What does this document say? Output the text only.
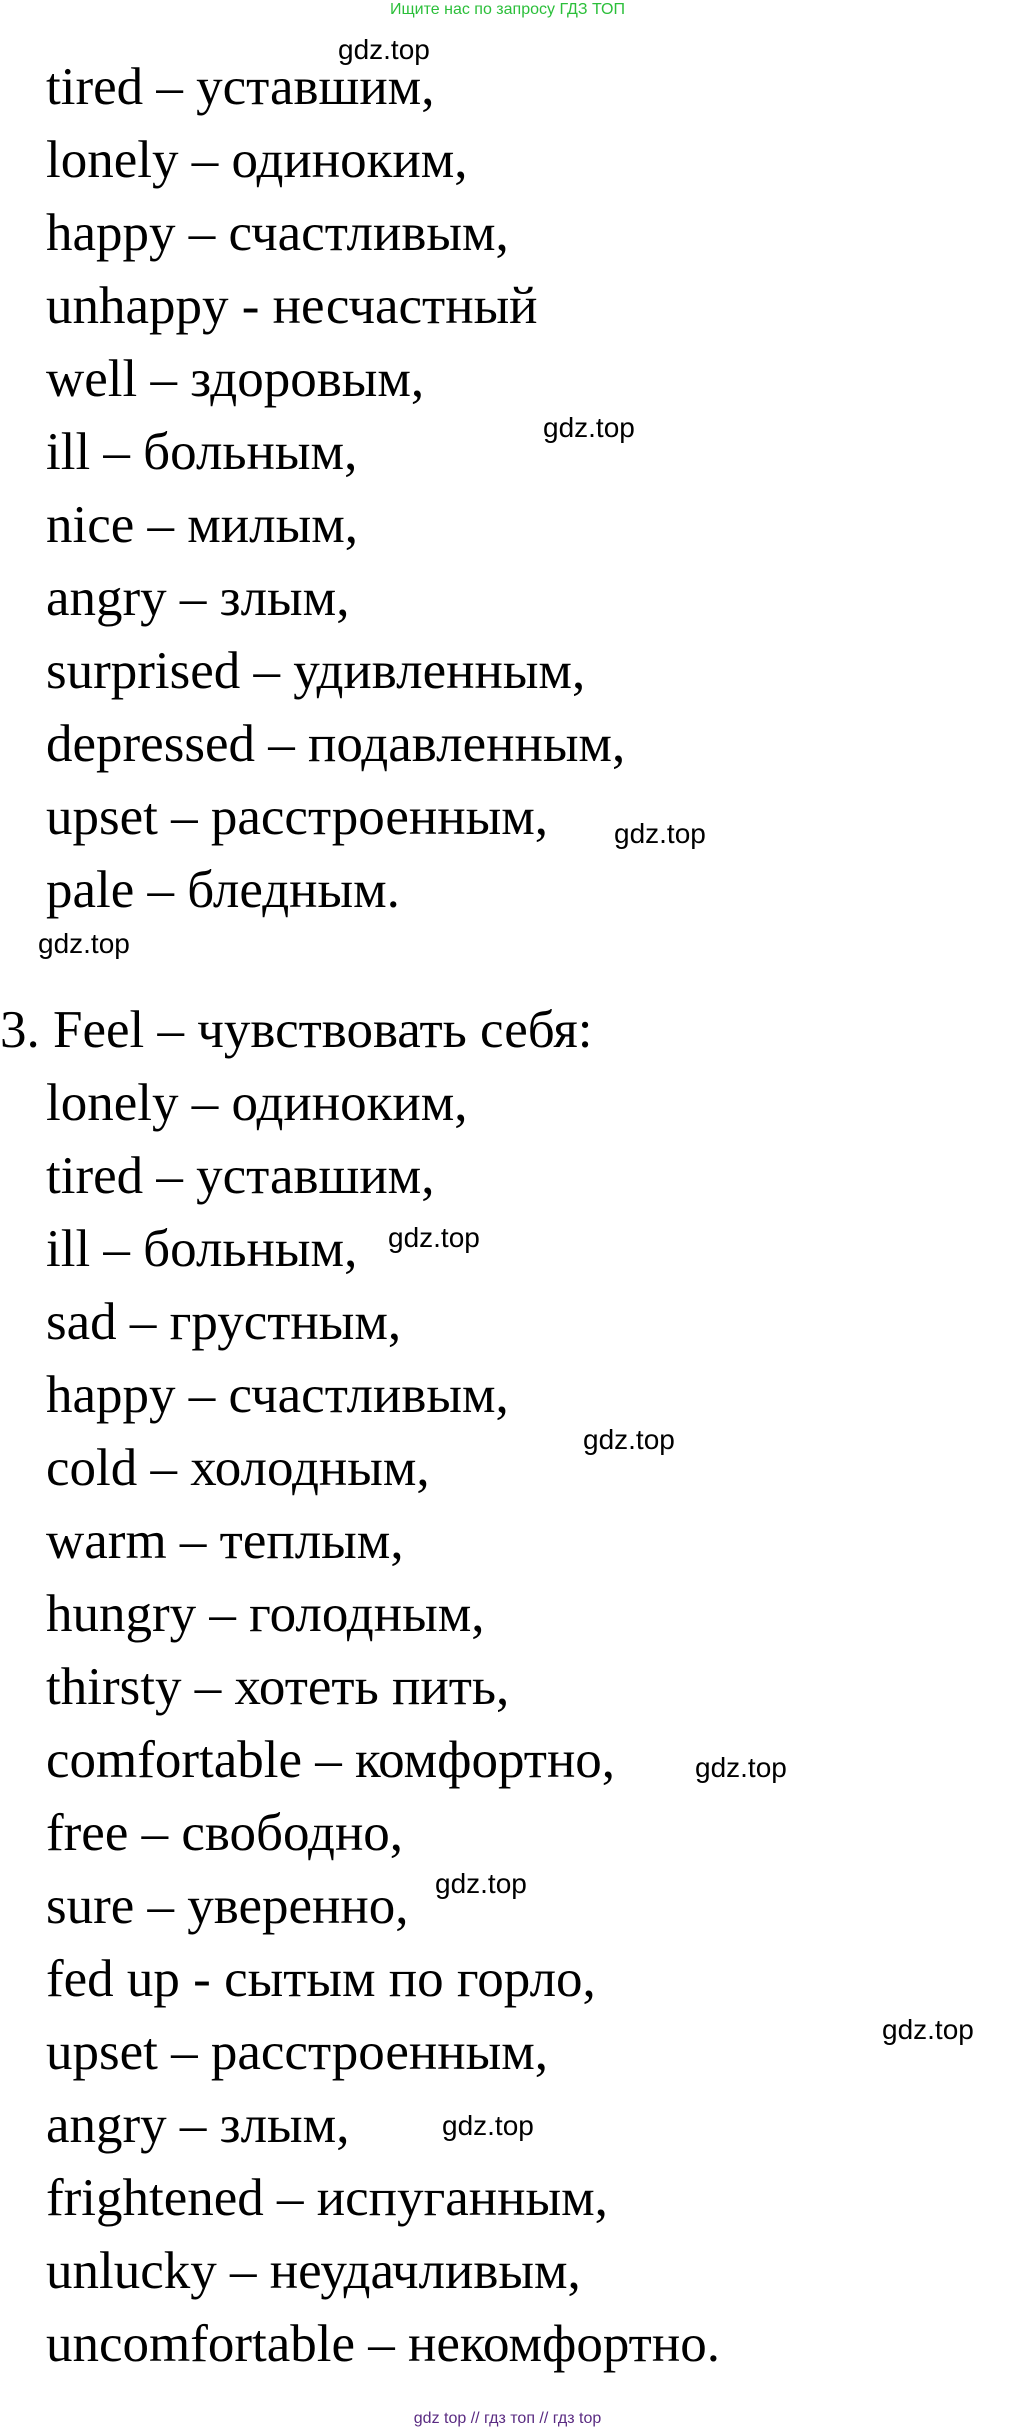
Ищите нас по запросу ГДЗ ТОП
tired – уставшим,
lonely – одиноким,
happy – счастливым,
unhappy - несчастный
well – здоровым,
ill – больным,
nice – милым,
angry – злым,
surprised – удивленным,
depressed – подавленным,
upset – расстроенным,
pale – бледным.
3. Feel – чувствовать себя:
lonely – одиноким,
tired – уставшим,
ill – больным,
sad – грустным,
happy – счастливым,
cold – холодным,
warm – теплым,
hungry – голодным,
thirsty – хотеть пить,
comfortable – комфортно,
free – свободно,
sure – уверенно,
fed up - сытым по горло,
upset – расстроенным,
angry – злым,
frightened – испуганным,
unlucky – неудачливым,
uncomfortable – некомфортно.
gdz.top
gdz.top
gdz.top
gdz.top
gdz.top
gdz.top
gdz.top
gdz.top
gdz.top
gdz.top
gdz top // гдз топ // гдз top
